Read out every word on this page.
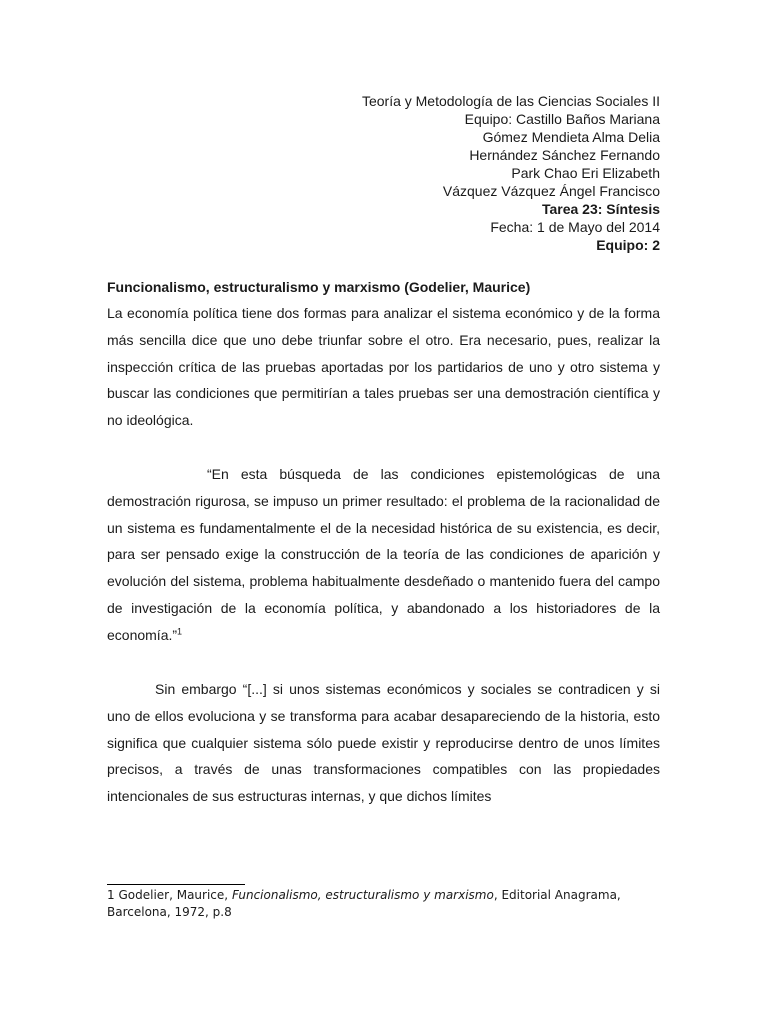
Teoría y Metodología de las Ciencias Sociales II
Equipo: Castillo Baños Mariana
Gómez Mendieta Alma Delia
Hernández Sánchez Fernando
Park Chao Eri Elizabeth
Vázquez Vázquez Ángel Francisco
Tarea 23: Síntesis
Fecha: 1 de Mayo del 2014
Equipo: 2
Funcionalismo, estructuralismo y marxismo (Godelier, Maurice)
La economía política tiene dos formas para analizar el sistema económico y de la forma más sencilla dice que uno debe triunfar sobre el otro. Era necesario, pues, realizar la inspección crítica de las pruebas aportadas por los partidarios de uno y otro sistema y buscar las condiciones que permitirían a tales pruebas ser una demostración científica y no ideológica.
“En esta búsqueda de las condiciones epistemológicas de una demostración rigurosa, se impuso un primer resultado: el problema de la racionalidad de un sistema es fundamentalmente el de la necesidad histórica de su existencia, es decir, para ser pensado exige la construcción de la teoría de las condiciones de aparición y evolución del sistema, problema habitualmente desdeñado o mantenido fuera del campo de investigación de la economía política, y abandonado a los historiadores de la economía.”$^1$
Sin embargo “[...] si unos sistemas económicos y sociales se contradicen y si uno de ellos evoluciona y se transforma para acabar desapareciendo de la historia, esto significa que cualquier sistema sólo puede existir y reproducirse dentro de unos límites precisos, a través de unas transformaciones compatibles con las propiedades intencionales de sus estructuras internas, y que dichos límites
1 Godelier, Maurice, Funcionalismo, estructuralismo y marxismo, Editorial Anagrama, Barcelona, 1972, p.8
